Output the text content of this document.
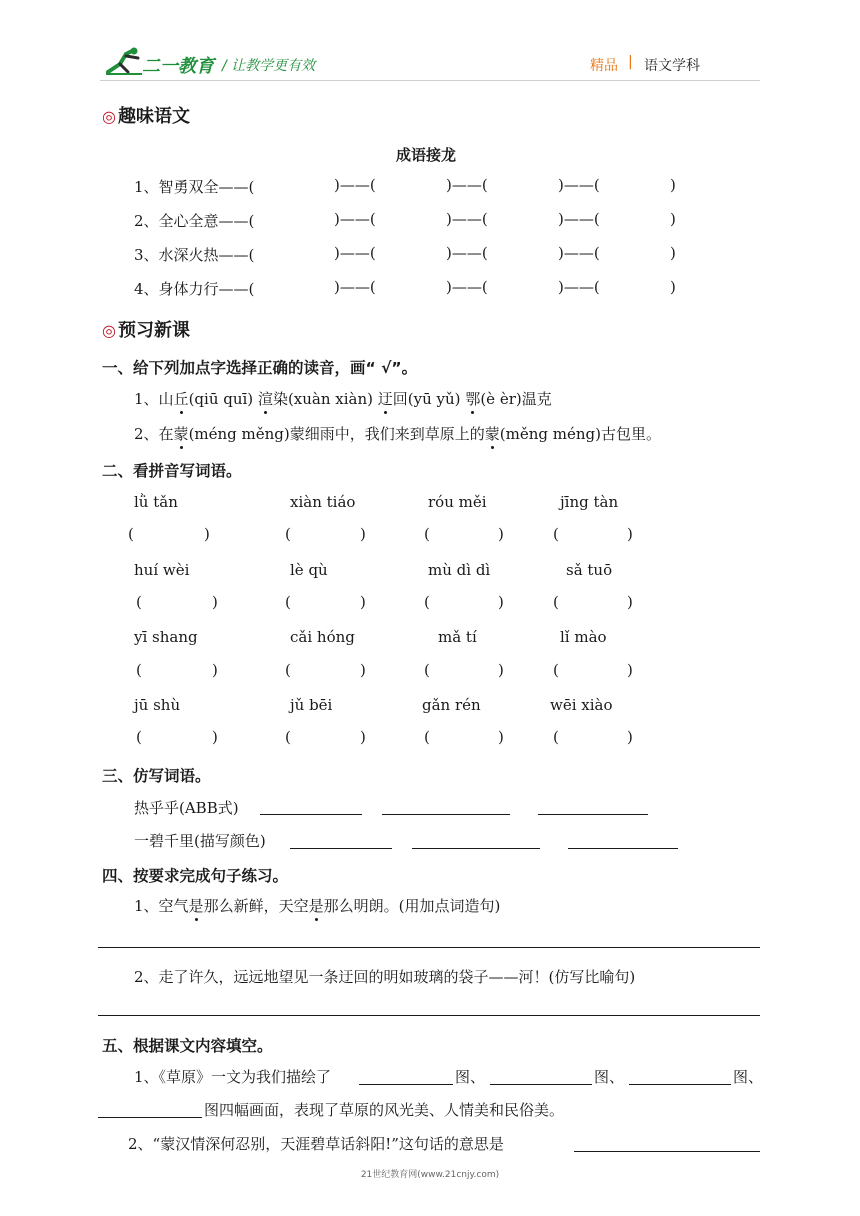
二一教育 / 让教学更有效	精品 | 语文学科
◎ 趣味语文
成语接龙
1、智勇双全——(	)——(	)——(	)——(	)
2、全心全意——(	)——(	)——(	)——(	)
3、水深火热——(	)——(	)——(	)——(	)
4、身体力行——(	)——(	)——(	)——(	)
◎ 预习新课
一、给下列加点字选择正确的读音，画“ √”。
1、山丘(qiū quī) 渲染(xuàn xiàn) 迂回(yū yǔ) 鄂(è èr)温克
2、在蒙(méng měng)蒙细雨中，我们来到草原上的蒙(měng méng)古包里。
二、看拼音写词语。
lǜ tǎn	xiàn tiáo	róu měi	jīng tàn
(	)	(	)	(	)	(	)
huí wèi	lè qù	mù dì dì	sǎ tuō
(	)	(	)	(	)	(	)
yī shang	cǎi hóng	mǎ tí	lǐ mào
(	)	(	)	(	)	(	)
jū shù	jǔ bēi	gǎn rén	wēi xiào
(	)	(	)	(	)	(	)
三、仿写词语。
热乎乎(ABB式)
一碧千里(描写颜色)
四、按要求完成句子练习。
1、空气是那么新鲜，天空是那么明朗。(用加点词造句)
2、走了许久，远远地望见一条迂回的明如玻璃的袋子——河！(仿写比喻句)
五、根据课文内容填空。
1、《草原》一文为我们描绘了	图、	图、	图、
图四幅画面，表现了草原的风光美、人情美和民俗美。
2、“蒙汉情深何忍别，天涯碧草话斜阳!”这句话的意思是
21世纪教育网(www.21cnjy.com)
